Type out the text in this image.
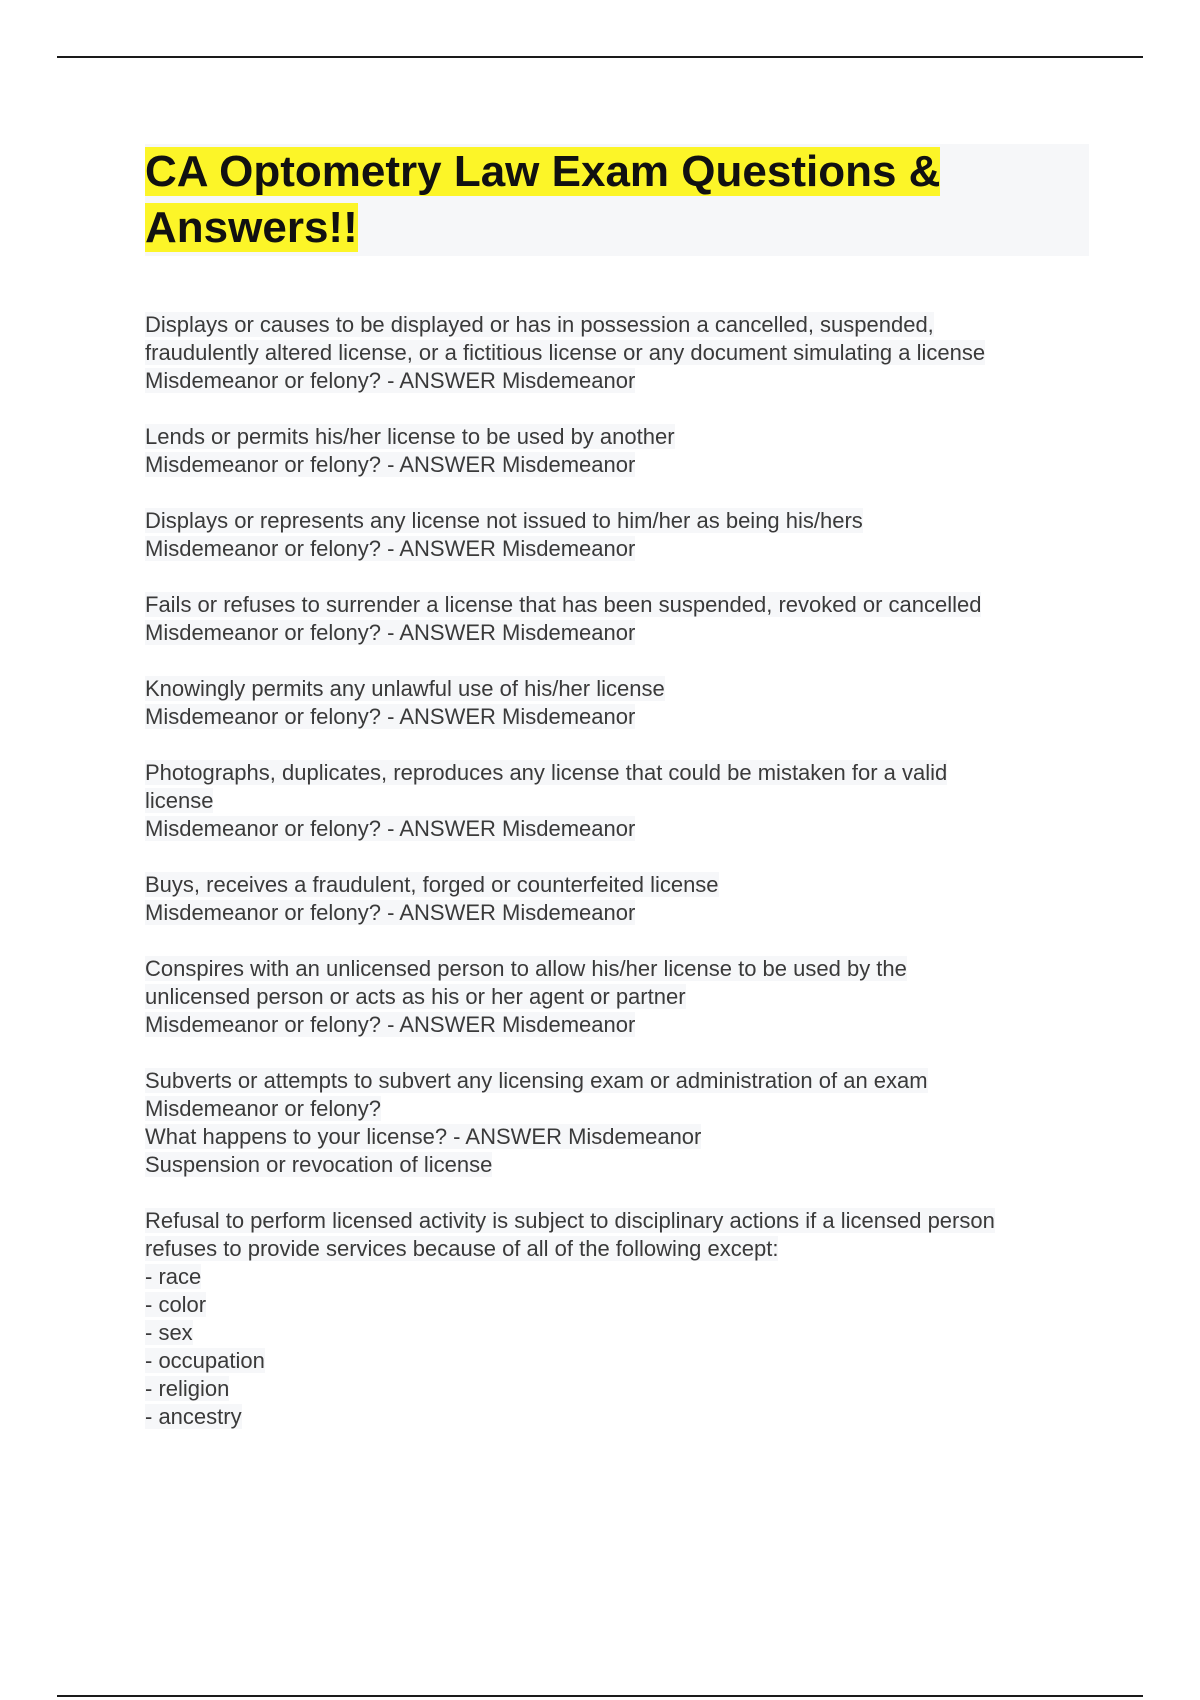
CA Optometry Law Exam Questions &
Answers!!
Displays or causes to be displayed or has in possession a cancelled, suspended,
fraudulently altered license, or a fictitious license or any document simulating a license
Misdemeanor or felony? - ANSWER Misdemeanor
Lends or permits his/her license to be used by another
Misdemeanor or felony? - ANSWER Misdemeanor
Displays or represents any license not issued to him/her as being his/hers
Misdemeanor or felony? - ANSWER Misdemeanor
Fails or refuses to surrender a license that has been suspended, revoked or cancelled
Misdemeanor or felony? - ANSWER Misdemeanor
Knowingly permits any unlawful use of his/her license
Misdemeanor or felony? - ANSWER Misdemeanor
Photographs, duplicates, reproduces any license that could be mistaken for a valid
license
Misdemeanor or felony? - ANSWER Misdemeanor
Buys, receives a fraudulent, forged or counterfeited license
Misdemeanor or felony? - ANSWER Misdemeanor
Conspires with an unlicensed person to allow his/her license to be used by the
unlicensed person or acts as his or her agent or partner
Misdemeanor or felony? - ANSWER Misdemeanor
Subverts or attempts to subvert any licensing exam or administration of an exam
Misdemeanor or felony?
What happens to your license? - ANSWER Misdemeanor
Suspension or revocation of license
Refusal to perform licensed activity is subject to disciplinary actions if a licensed person
refuses to provide services because of all of the following except:
- race
- color
- sex
- occupation
- religion
- ancestry
